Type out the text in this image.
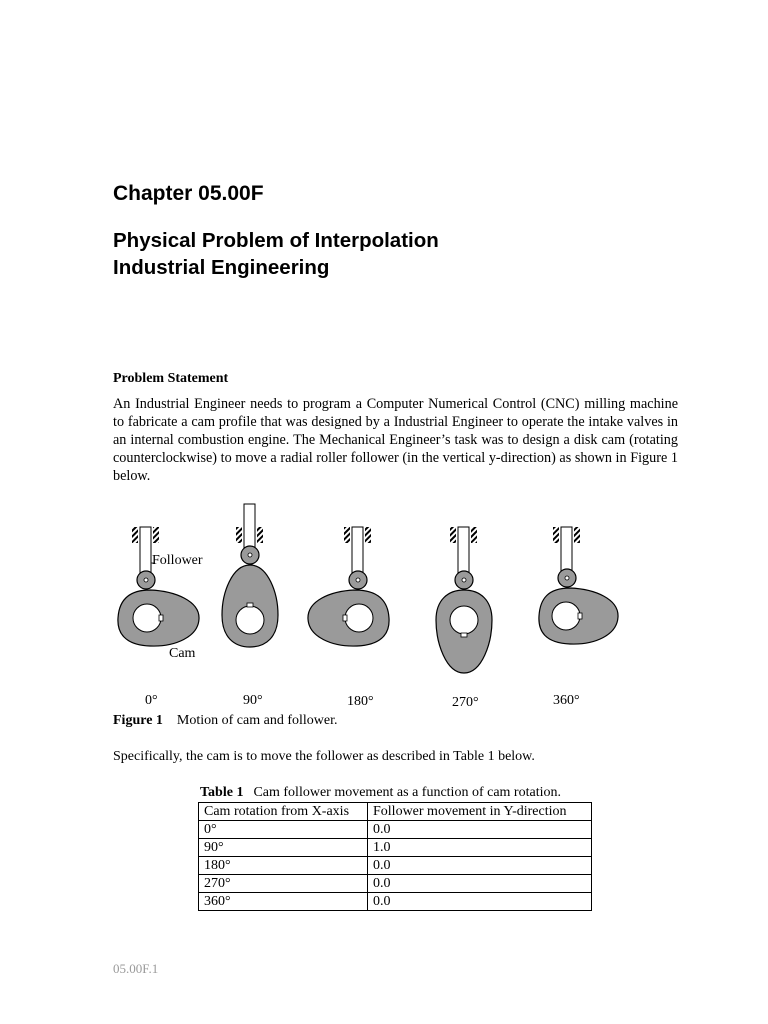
Chapter 05.00F
Physical Problem of Interpolation
Industrial Engineering

Problem Statement

An Industrial Engineer needs to program a Computer Numerical Control (CNC) milling machine to fabricate a cam profile that was designed by a Industrial Engineer to operate the intake valves in an internal combustion engine. The Mechanical Engineer’s task was to design a disk cam (rotating counterclockwise) to move a radial roller follower (in the vertical y-direction) as shown in Figure 1 below.

Follower
Cam
0°	90°	180°	270°	360°

Figure 1 Motion of cam and follower.

Specifically, the cam is to move the follower as described in Table 1 below.

Table 1 Cam follower movement as a function of cam rotation.

Cam rotation from X-axis	Follower movement in Y-direction
0°	0.0
90°	1.0
180°	0.0
270°	0.0
360°	0.0

05.00F.1
